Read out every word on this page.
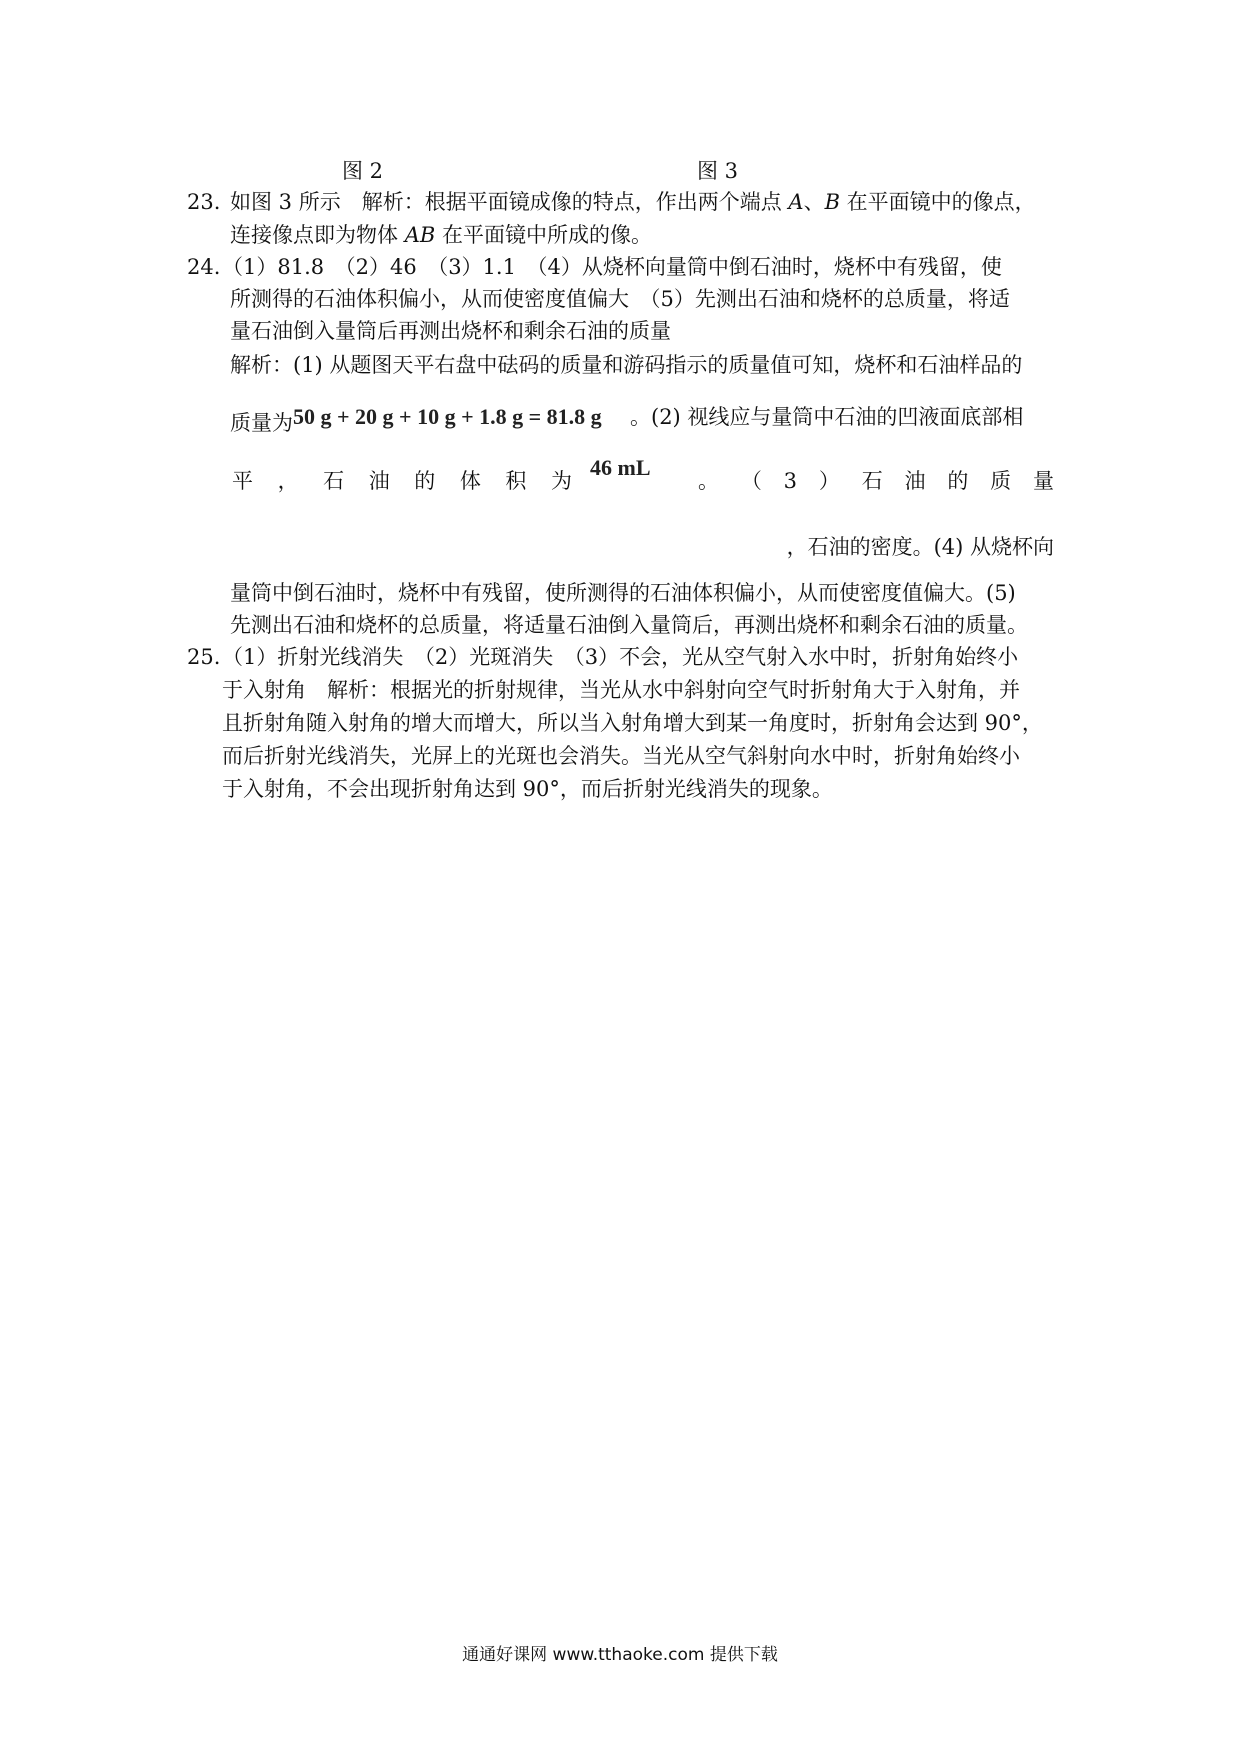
图 2	图 3
23. 如图 3 所示　解析：根据平面镜成像的特点，作出两个端点 A、B 在平面镜中的像点，
连接像点即为物体 AB 在平面镜中所成的像。
24. （1）81.8　（2）46　（3）1.1　（4）从烧杯向量筒中倒石油时，烧杯中有残留，使
所测得的石油体积偏小，从而使密度值偏大　（5）先测出石油和烧杯的总质量，将适
量石油倒入量筒后再测出烧杯和剩余石油的质量
解析：(1) 从题图天平右盘中砝码的质量和游码指示的质量值可知，烧杯和石油样品的
质量为50 g + 20 g + 10 g + 1.8 g = 81.8 g 。(2) 视线应与量筒中石油的凹液面底部相
平 ， 石 油 的 体 积 为
46 mL
。 （ 3 ） 石 油 的 质 量
，石油的密度。(4) 从烧杯向
量筒中倒石油时，烧杯中有残留，使所测得的石油体积偏小，从而使密度值偏大。(5)
先测出石油和烧杯的总质量，将适量石油倒入量筒后，再测出烧杯和剩余石油的质量。
25. （1）折射光线消失　（2）光斑消失　（3）不会，光从空气射入水中时，折射角始终小
于入射角　解析：根据光的折射规律，当光从水中斜射向空气时折射角大于入射角，并
且折射角随入射角的增大而增大，所以当入射角增大到某一角度时，折射角会达到 90°，
而后折射光线消失，光屏上的光斑也会消失。当光从空气斜射向水中时，折射角始终小
于入射角，不会出现折射角达到 90°，而后折射光线消失的现象。
通通好课网 www.tthaoke.com 提供下载
